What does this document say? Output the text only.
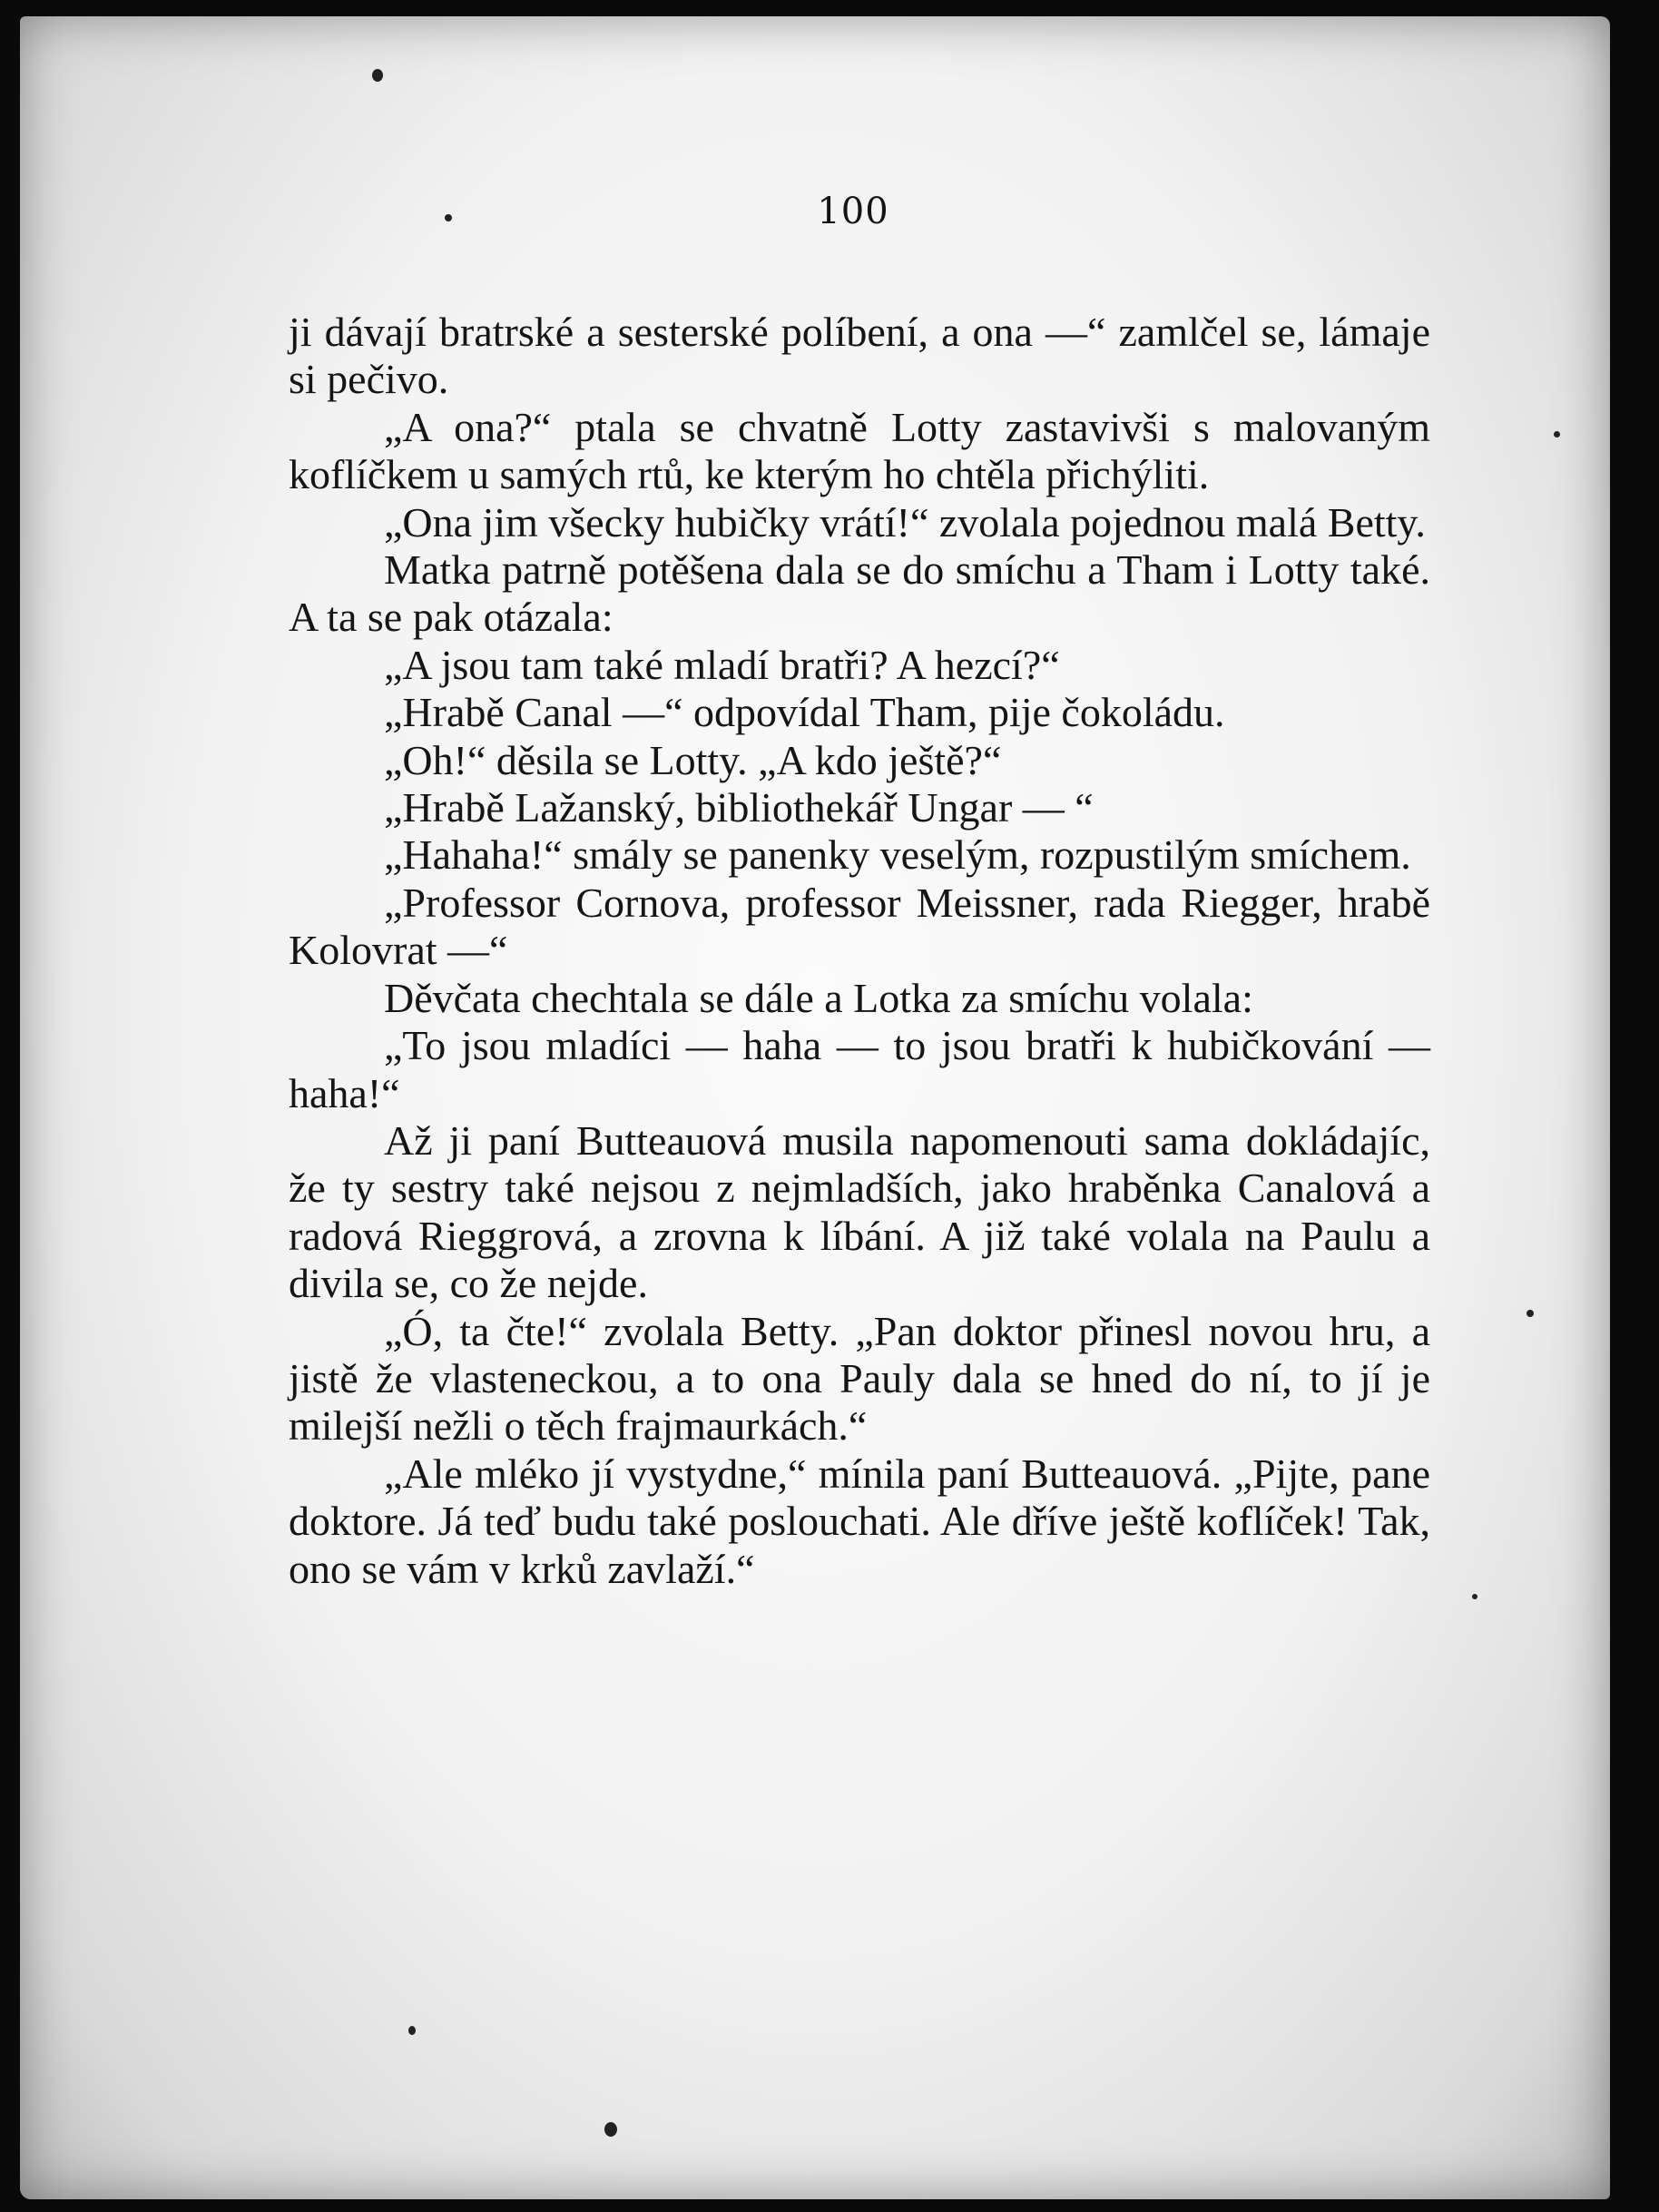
100

ji dávají bratrské a sesterské políbení, a ona —“ zamlčel se, lámaje si pečivo.

„A ona?“ ptala se chvatně Lotty zastavivši s malovaným koflíčkem u samých rtů, ke kterým ho chtěla přichýliti.

„Ona jim všecky hubičky vrátí!“ zvolala pojednou malá Betty.

Matka patrně potěšena dala se do smíchu a Tham i Lotty také. A ta se pak otázala:

„A jsou tam také mladí bratři? A hezcí?“

„Hrabě Canal —“ odpovídal Tham, pije čokoládu.

„Oh!“ děsila se Lotty. „A kdo ještě?“

„Hrabě Lažanský, bibliothekář Ungar — “

„Hahaha!“ smály se panenky veselým, rozpustilým smíchem.

„Professor Cornova, professor Meissner, rada Riegger, hrabě Kolovrat —“

Děvčata chechtala se dále a Lotka za smíchu volala:

„To jsou mladíci — haha — to jsou bratři k hubičkování — haha!“

Až ji paní Butteauová musila napomenouti sama dokládajíc, že ty sestry také nejsou z nejmladších, jako hraběnka Canalová a radová Rieggrová, a zrovna k líbání. A již také volala na Paulu a divila se, co že nejde.

„Ó, ta čte!“ zvolala Betty. „Pan doktor přinesl novou hru, a jistě že vlasteneckou, a to ona Pauly dala se hned do ní, to jí je milejší nežli o těch frajmaurkách.“

„Ale mléko jí vystydne,“ mínila paní Butteauová. „Pijte, pane doktore. Já teď budu také poslouchati. Ale dříve ještě koflíček! Tak, ono se vám v krků zavlaží.“
